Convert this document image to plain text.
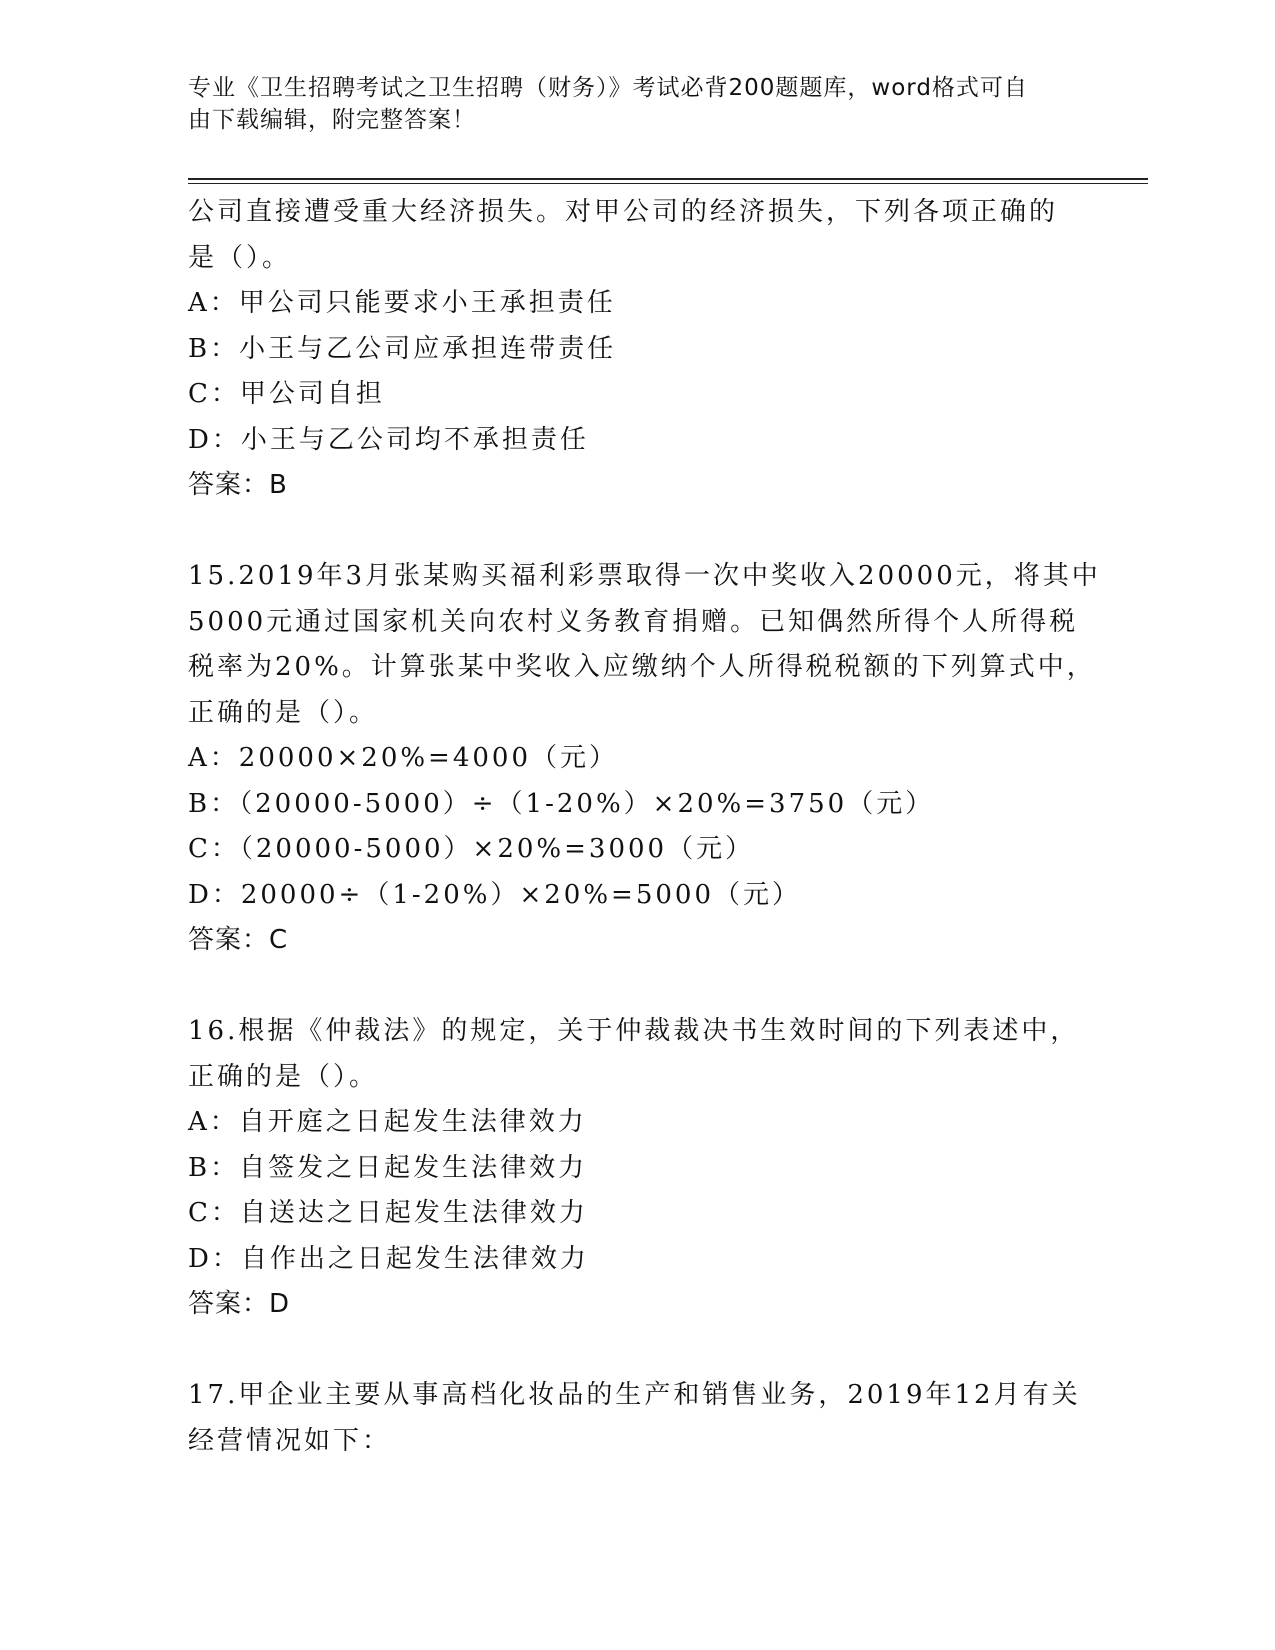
专业《卫生招聘考试之卫生招聘（财务）》考试必背200题题库，word格式可自
由下载编辑，附完整答案！
公司直接遭受重大经济损失。对甲公司的经济损失，下列各项正确的
是（）。
A：甲公司只能要求小王承担责任
B：小王与乙公司应承担连带责任
C：甲公司自担
D：小王与乙公司均不承担责任
答案：B
15.2019年3月张某购买福利彩票取得一次中奖收入20000元，将其中
5000元通过国家机关向农村义务教育捐赠。已知偶然所得个人所得税
税率为20%。计算张某中奖收入应缴纳个人所得税税额的下列算式中，
正确的是（）。
A：20000×20%=4000（元）
B：（20000-5000）÷（1-20%）×20%=3750（元）
C：（20000-5000）×20%=3000（元）
D：20000÷（1-20%）×20%=5000（元）
答案：C
16.根据《仲裁法》的规定，关于仲裁裁决书生效时间的下列表述中，
正确的是（）。
A：自开庭之日起发生法律效力
B：自签发之日起发生法律效力
C：自送达之日起发生法律效力
D：自作出之日起发生法律效力
答案：D
17.甲企业主要从事高档化妆品的生产和销售业务，2019年12月有关
经营情况如下：
